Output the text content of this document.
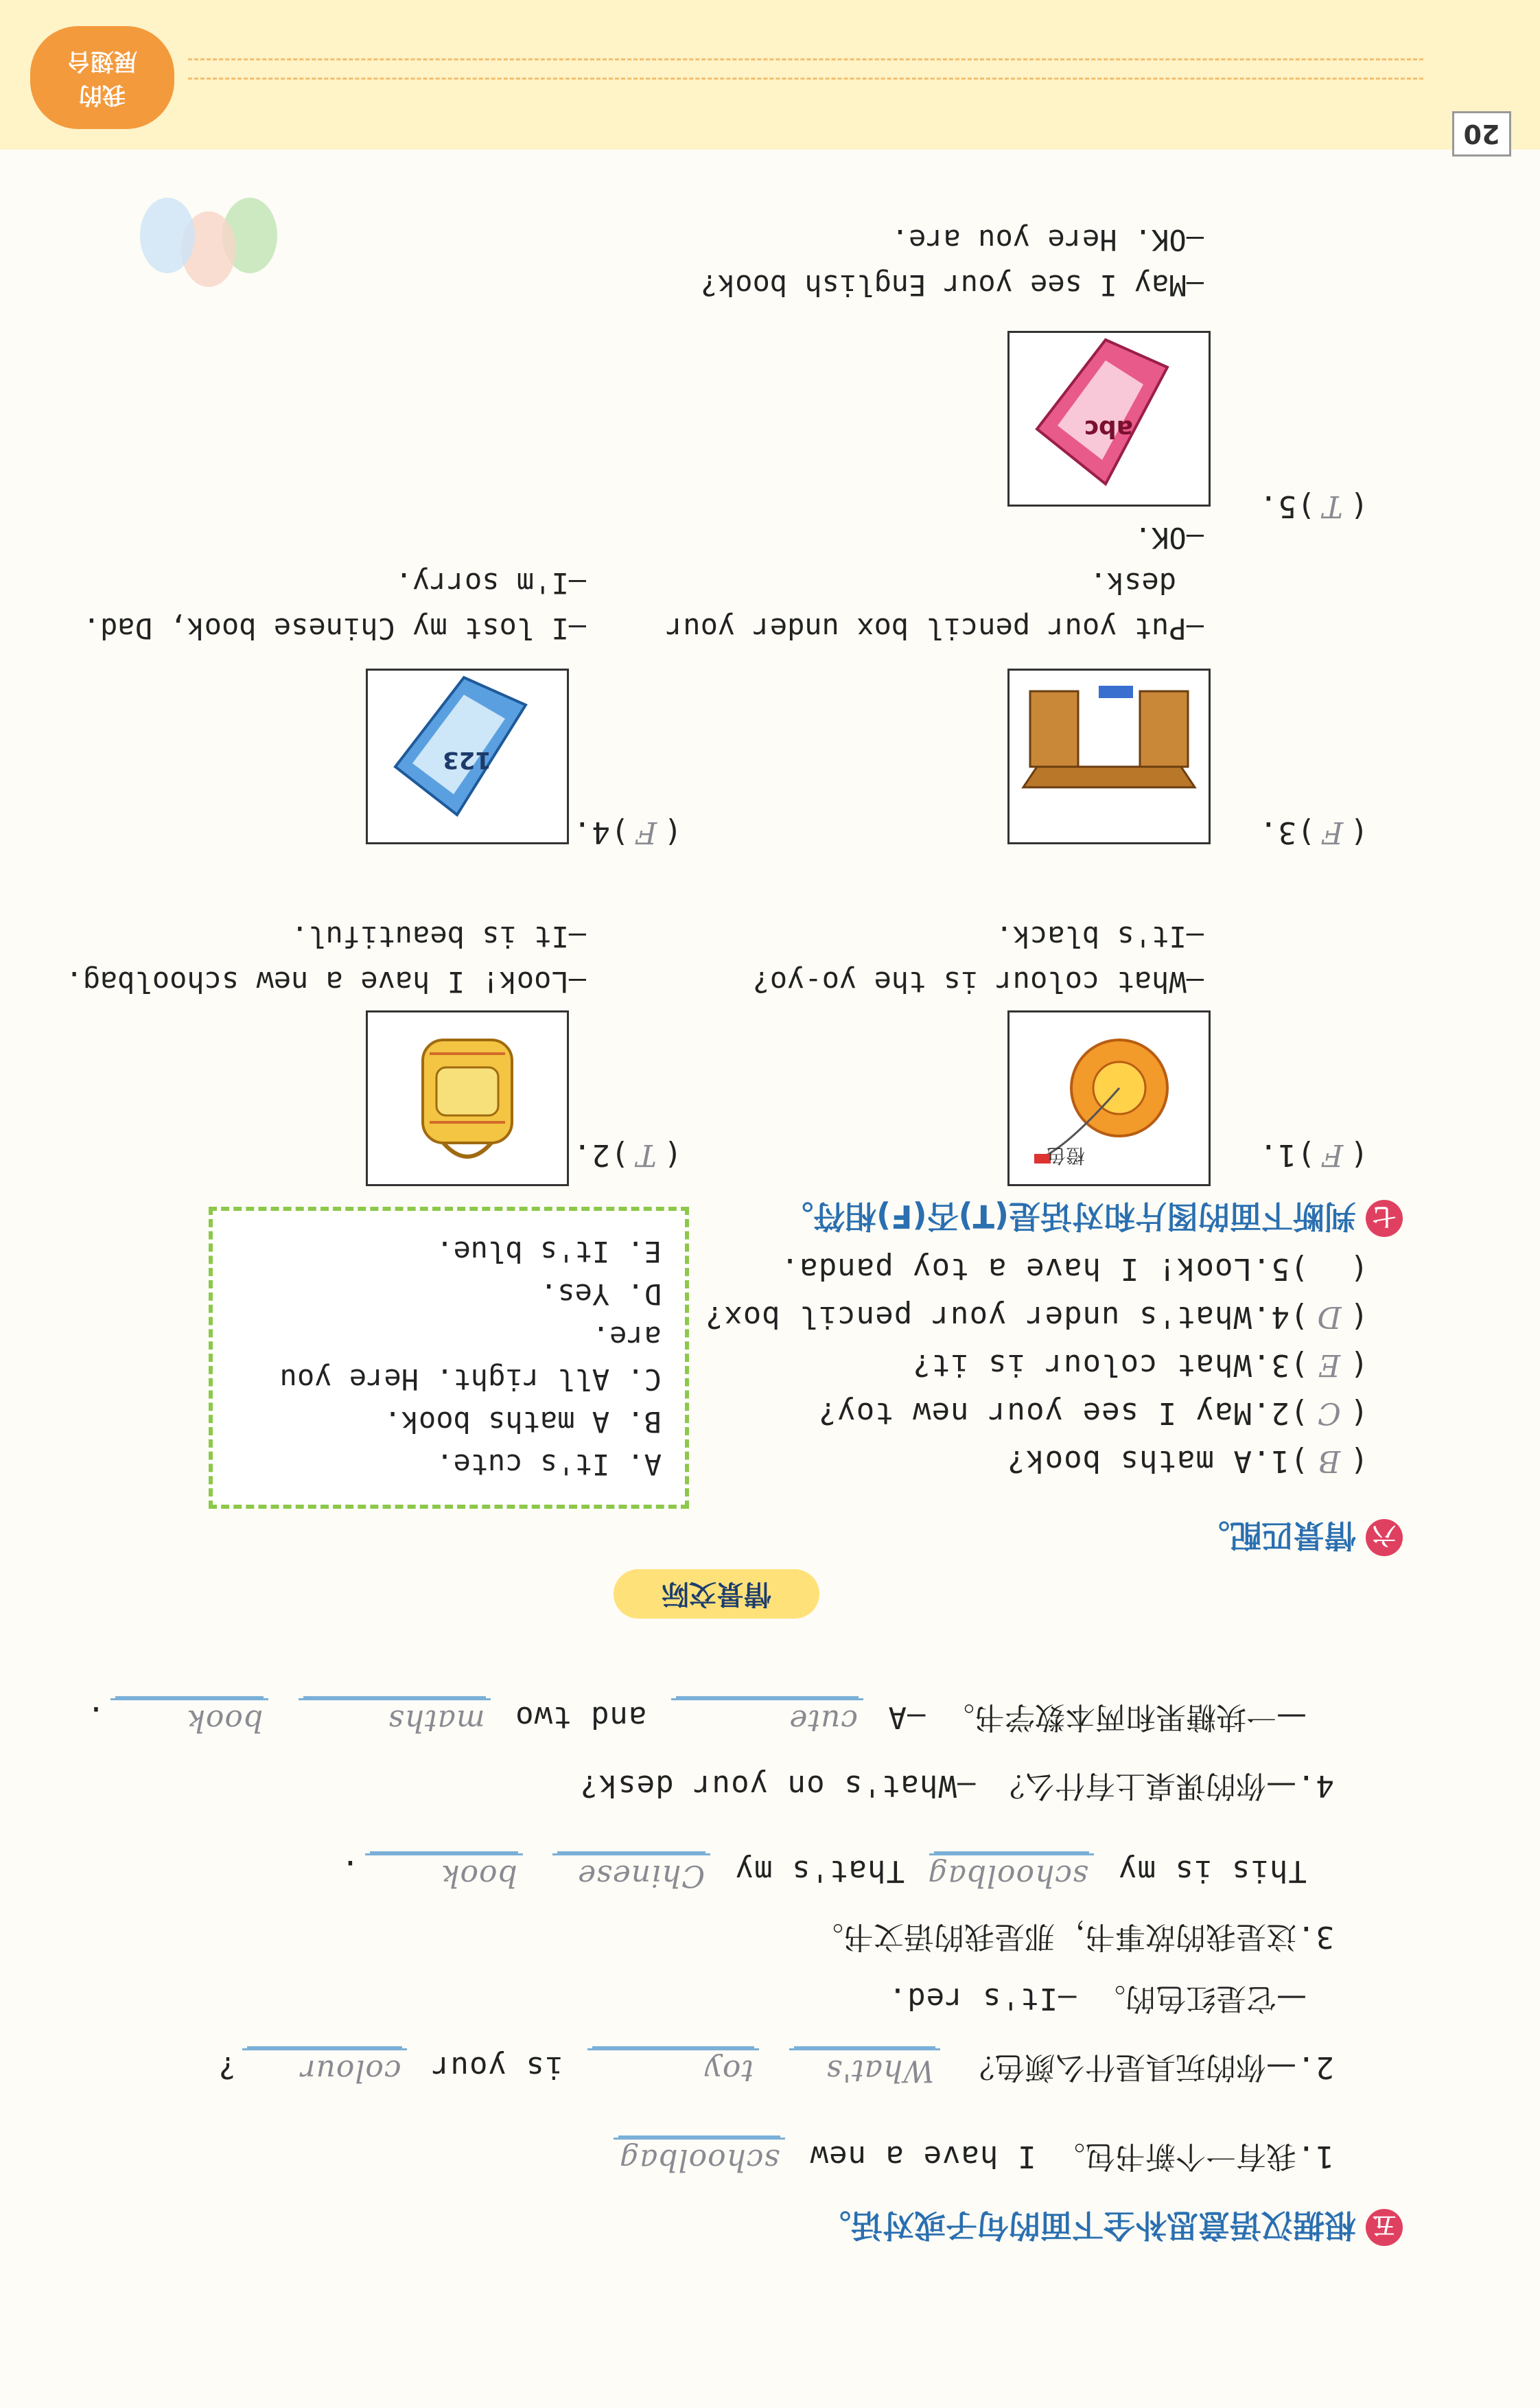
我的
展翅台
20
五
根据汉语意思补全下面的句子或对话。
1.我有一个新书包。 I have a new
schoolbag
2.—你的玩具是什么颜色？
What's

toy
is your
colour
?
—它是红色的。 —It's red.
3.这是我的故事书，那是我的语文书。
This is my
schoolbag
That's my
Chinese

book
.
4.—你的课桌上有什么？ —What's on your desk?
—一块糖果和两本数学书。 —A
cute
and two
maths

book
.
情景交际
六
情景匹配。
(B)1.A maths book?
(C)2.May I see your new toy?
(E)3.What colour is it?
(D)4.What's under your pencil box?
()5.Look! I have a toy panda.
A. It's cute.
B. A maths book.
C. All right. Here you are.
D. Yes.
E. It's blue.
七
判断下面的图片和对话是(T)否(F)相符。
(F)1.
橙色
—What colour is the yo-yo?
—It's black.
(T)2.
—Look! I have a new schoolbag.
—It is beautiful.
(F)3.
—Put your pencil box under your
desk.
—OK.
(F)4.
123
—I lost my Chinese book, Dad.
—I'm sorry.
(T)5.
abc
—May I see your English book?
—OK. Here you are.
